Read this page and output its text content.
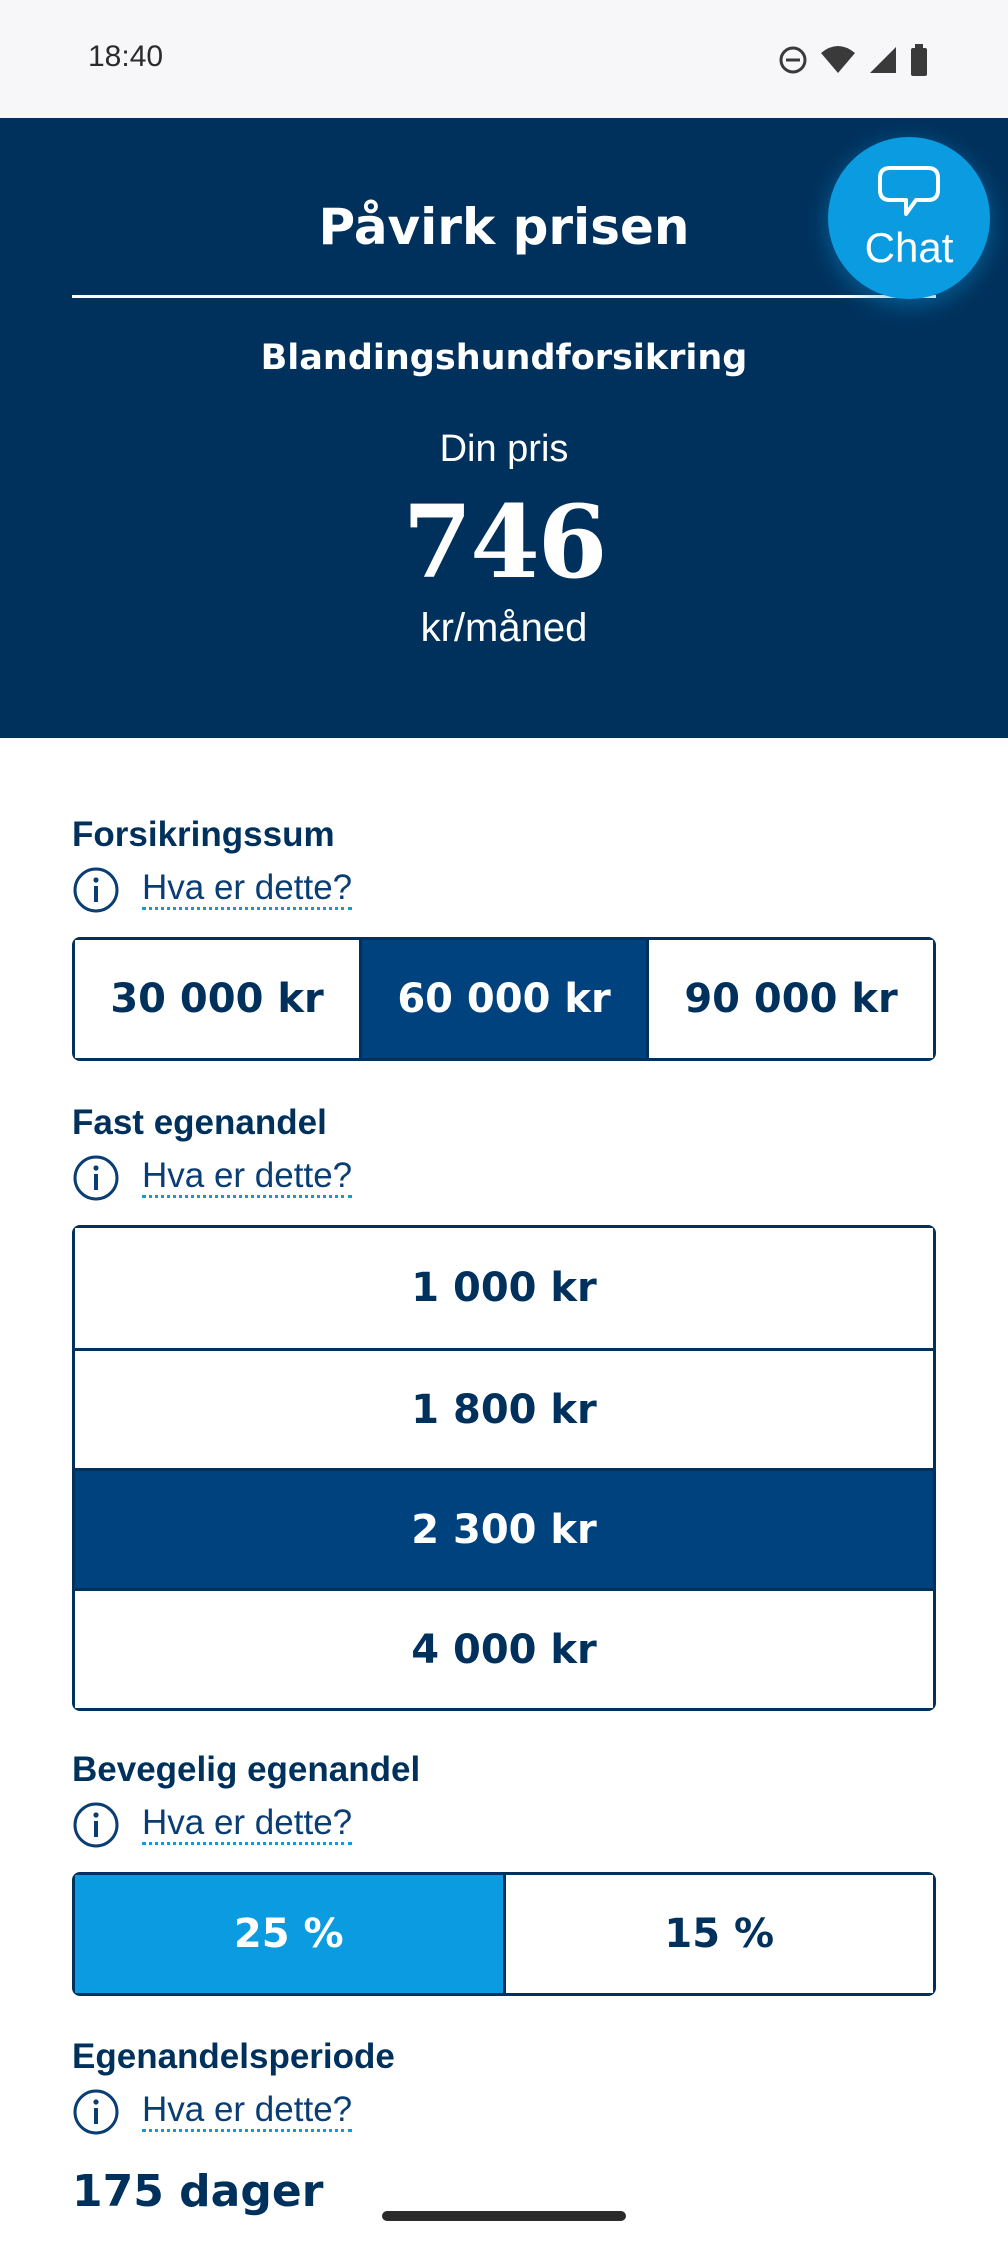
18:40
Påvirk prisen
Blandingshundforsikring
Din pris
746
kr/måned
Chat
Forsikringssum
Hva er dette?
30 000 kr	60 000 kr	90 000 kr
Fast egenandel
Hva er dette?
1 000 kr
1 800 kr
2 300 kr
4 000 kr
Bevegelig egenandel
Hva er dette?
25 %	15 %
Egenandelsperiode
Hva er dette?
175 dager
